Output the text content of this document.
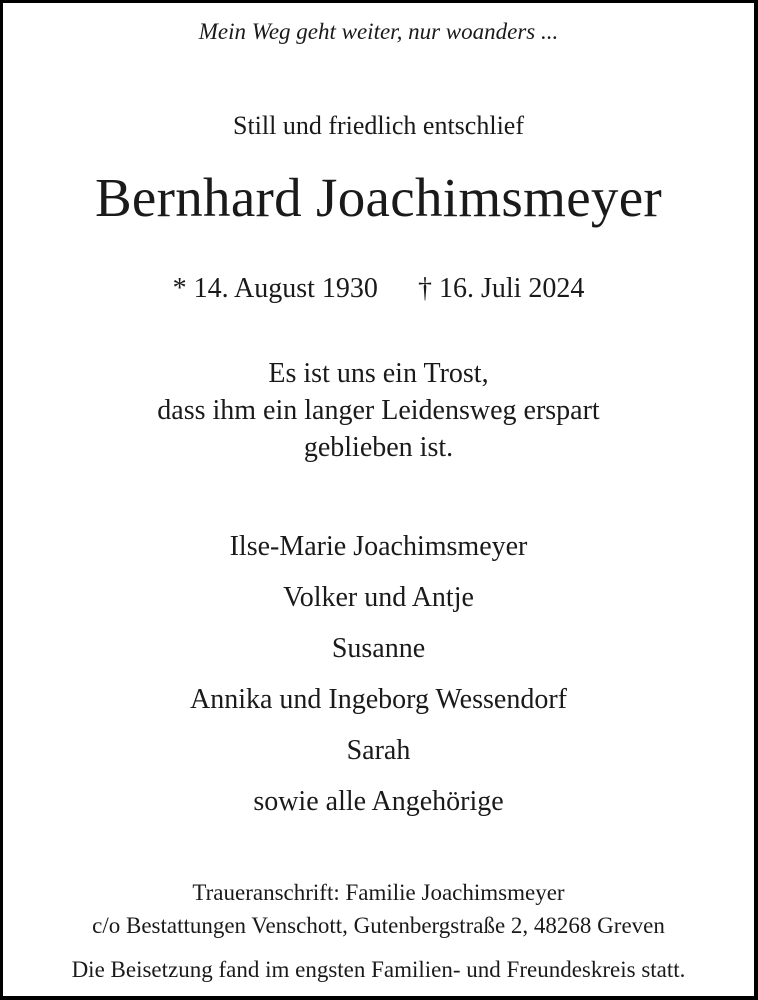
Mein Weg geht weiter, nur woanders ...
Still und friedlich entschlief
Bernhard Joachimsmeyer
* 14. August 1930 † 16. Juli 2024
Es ist uns ein Trost,
dass ihm ein langer Leidensweg erspart
geblieben ist.
Ilse-Marie Joachimsmeyer
Volker und Antje
Susanne
Annika und Ingeborg Wessendorf
Sarah
sowie alle Angehörige
Traueranschrift: Familie Joachimsmeyer
c/o Bestattungen Venschott, Gutenbergstraße 2, 48268 Greven
Die Beisetzung fand im engsten Familien- und Freundeskreis statt.
